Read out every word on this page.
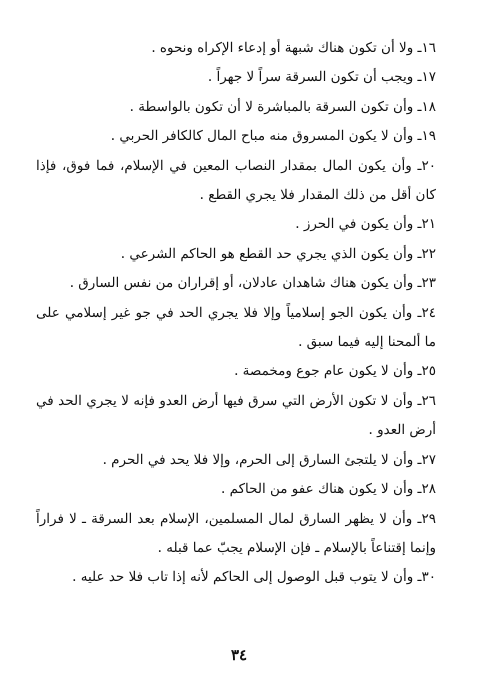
١٦ـ ولا أن تكون هناك شبهة أو إدعاء الإكراه ونحوه .

١٧ـ ويجب أن تكون السرقة سراً لا جهراً .

١٨ـ وأن تكون السرقة بالمباشرة لا أن تكون بالواسطة .

١٩ـ وأن لا يكون المسروق منه مباح المال كالكافر الحربي .

٢٠ـ وأن يكون المال بمقدار النصاب المعين في الإسلام، فما فوق، فإذا كان أقل من ذلك المقدار فلا يجري القطع .

٢١ـ وأن يكون في الحرز .

٢٢ـ وأن يكون الذي يجري حد القطع هو الحاكم الشرعي .

٢٣ـ وأن يكون هناك شاهدان عادلان، أو إقراران من نفس السارق .

٢٤ـ وأن يكون الجو إسلامياً وإلا فلا يجري الحد في جو غير إسلامي على ما ألمحنا إليه فيما سبق .

٢٥ـ وأن لا يكون عام جوع ومخمصة .

٢٦ـ وأن لا تكون الأرض التي سرق فيها أرض العدو فإنه لا يجري الحد في أرض العدو .

٢٧ـ وأن لا يلتجئ السارق إلى الحرم، وإلا فلا يحد في الحرم .

٢٨ـ وأن لا يكون هناك عفو من الحاكم .

٢٩ـ وأن لا يظهر السارق لمال المسلمين، الإسلام بعد السرقة ـ لا فراراً وإنما إقتناعاً بالإسلام ـ فإن الإسلام يجبّ عما قبله .

٣٠ـ وأن لا يتوب قبل الوصول إلى الحاكم لأنه إذا تاب فلا حد عليه .

٣٤
